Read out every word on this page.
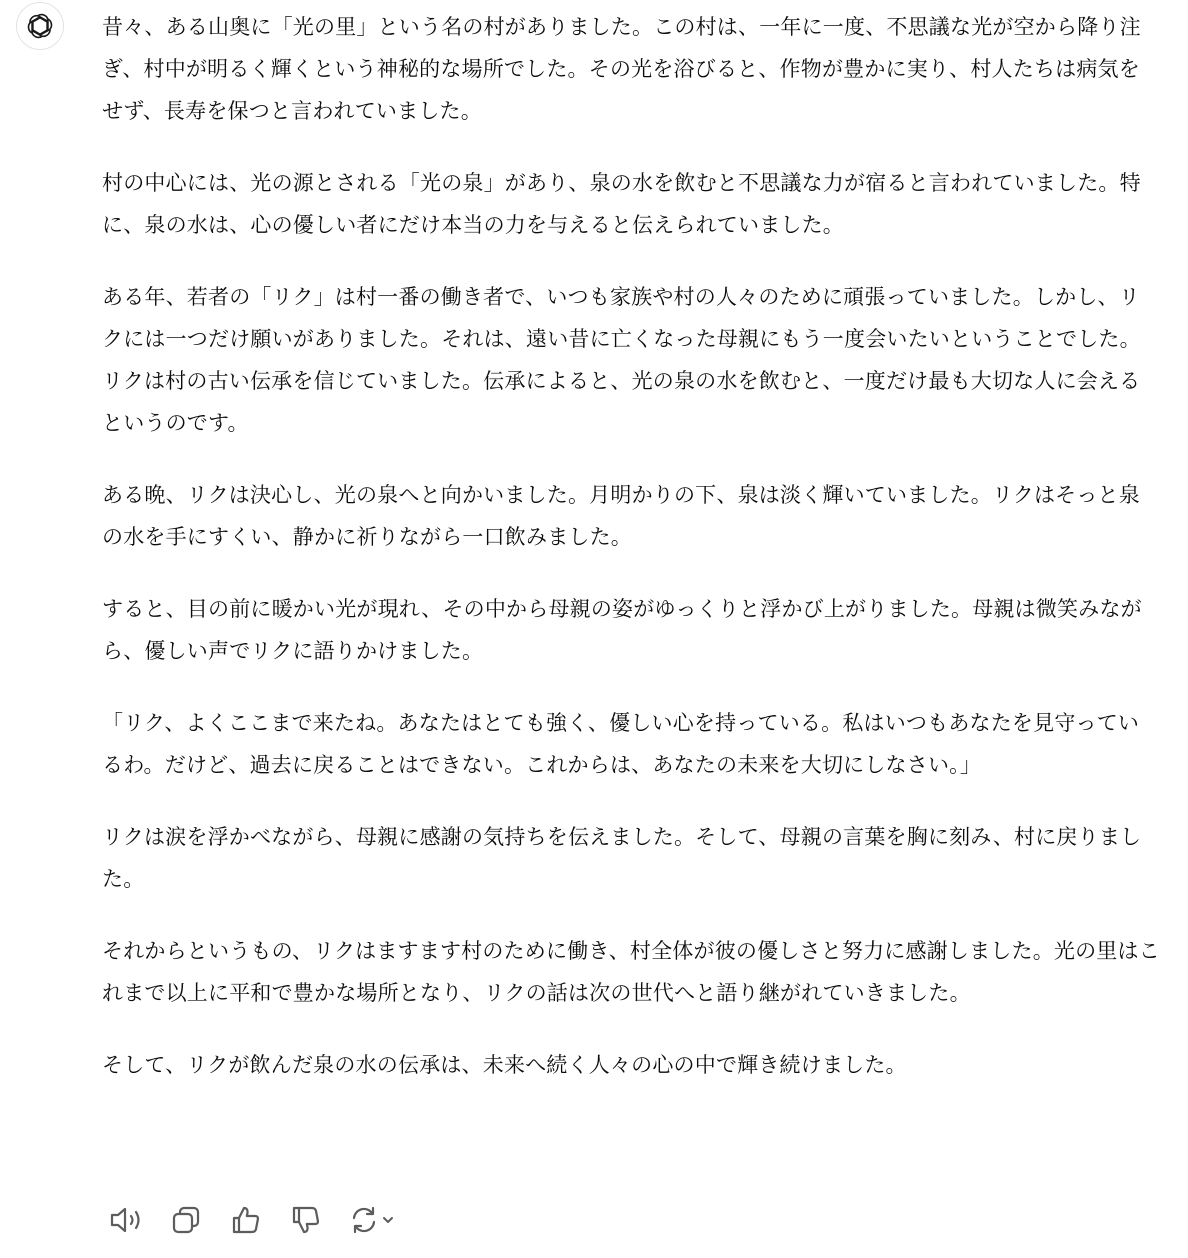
昔々、ある山奥に「光の里」という名の村がありました。この村は、一年に一度、不思議な光が空から降り注ぎ、村中が明るく輝くという神秘的な場所でした。その光を浴びると、作物が豊かに実り、村人たちは病気をせず、長寿を保つと言われていました。

村の中心には、光の源とされる「光の泉」があり、泉の水を飲むと不思議な力が宿ると言われていました。特に、泉の水は、心の優しい者にだけ本当の力を与えると伝えられていました。

ある年、若者の「リク」は村一番の働き者で、いつも家族や村の人々のために頑張っていました。しかし、リクには一つだけ願いがありました。それは、遠い昔に亡くなった母親にもう一度会いたいということでした。リクは村の古い伝承を信じていました。伝承によると、光の泉の水を飲むと、一度だけ最も大切な人に会えるというのです。

ある晩、リクは決心し、光の泉へと向かいました。月明かりの下、泉は淡く輝いていました。リクはそっと泉の水を手にすくい、静かに祈りながら一口飲みました。

すると、目の前に暖かい光が現れ、その中から母親の姿がゆっくりと浮かび上がりました。母親は微笑みながら、優しい声でリクに語りかけました。

「リク、よくここまで来たね。あなたはとても強く、優しい心を持っている。私はいつもあなたを見守っているわ。だけど、過去に戻ることはできない。これからは、あなたの未来を大切にしなさい。」

リクは涙を浮かべながら、母親に感謝の気持ちを伝えました。そして、母親の言葉を胸に刻み、村に戻りました。

それからというもの、リクはますます村のために働き、村全体が彼の優しさと努力に感謝しました。光の里はこれまで以上に平和で豊かな場所となり、リクの話は次の世代へと語り継がれていきました。

そして、リクが飲んだ泉の水の伝承は、未来へ続く人々の心の中で輝き続けました。
